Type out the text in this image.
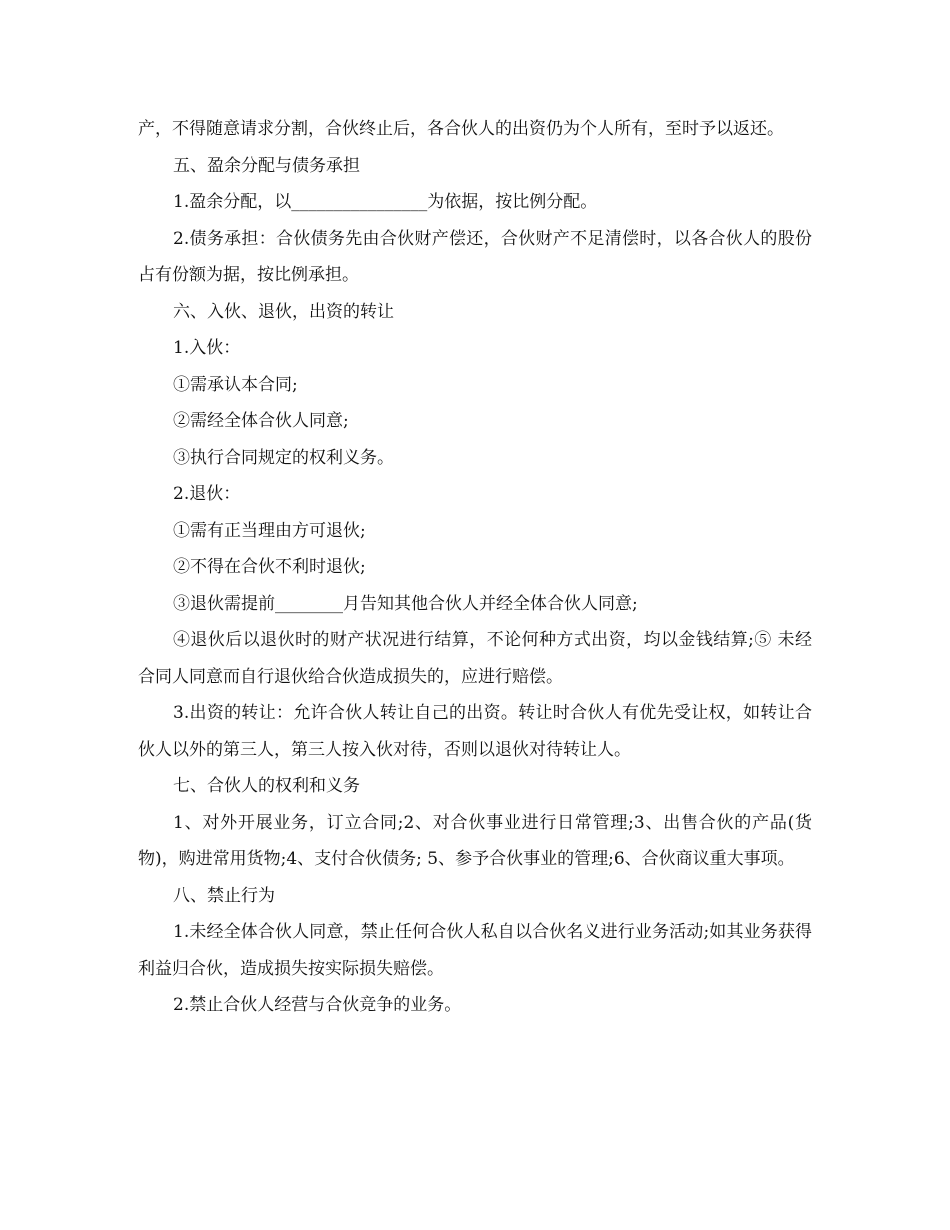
产，不得随意请求分割，合伙终止后，各合伙人的出资仍为个人所有，至时予以返还。

五、盈余分配与债务承担

1.盈余分配，以________________为依据，按比例分配。

2.债务承担：合伙债务先由合伙财产偿还，合伙财产不足清偿时，以各合伙人的股份占有份额为据，按比例承担。

六、入伙、退伙，出资的转让

1.入伙：

①需承认本合同;

②需经全体合伙人同意;

③执行合同规定的权利义务。

2.退伙：

①需有正当理由方可退伙;

②不得在合伙不利时退伙;

③退伙需提前________月告知其他合伙人并经全体合伙人同意;

④退伙后以退伙时的财产状况进行结算，不论何种方式出资，均以金钱结算;⑤ 未经合同人同意而自行退伙给合伙造成损失的，应进行赔偿。

3.出资的转让：允许合伙人转让自己的出资。转让时合伙人有优先受让权，如转让合伙人以外的第三人，第三人按入伙对待，否则以退伙对待转让人。

七、合伙人的权利和义务

1、对外开展业务，订立合同;2、对合伙事业进行日常管理;3、出售合伙的产品(货物)，购进常用货物;4、支付合伙债务; 5、参予合伙事业的管理;6、合伙商议重大事项。

八、禁止行为

1.未经全体合伙人同意，禁止任何合伙人私自以合伙名义进行业务活动;如其业务获得利益归合伙，造成损失按实际损失赔偿。

2.禁止合伙人经营与合伙竞争的业务。
